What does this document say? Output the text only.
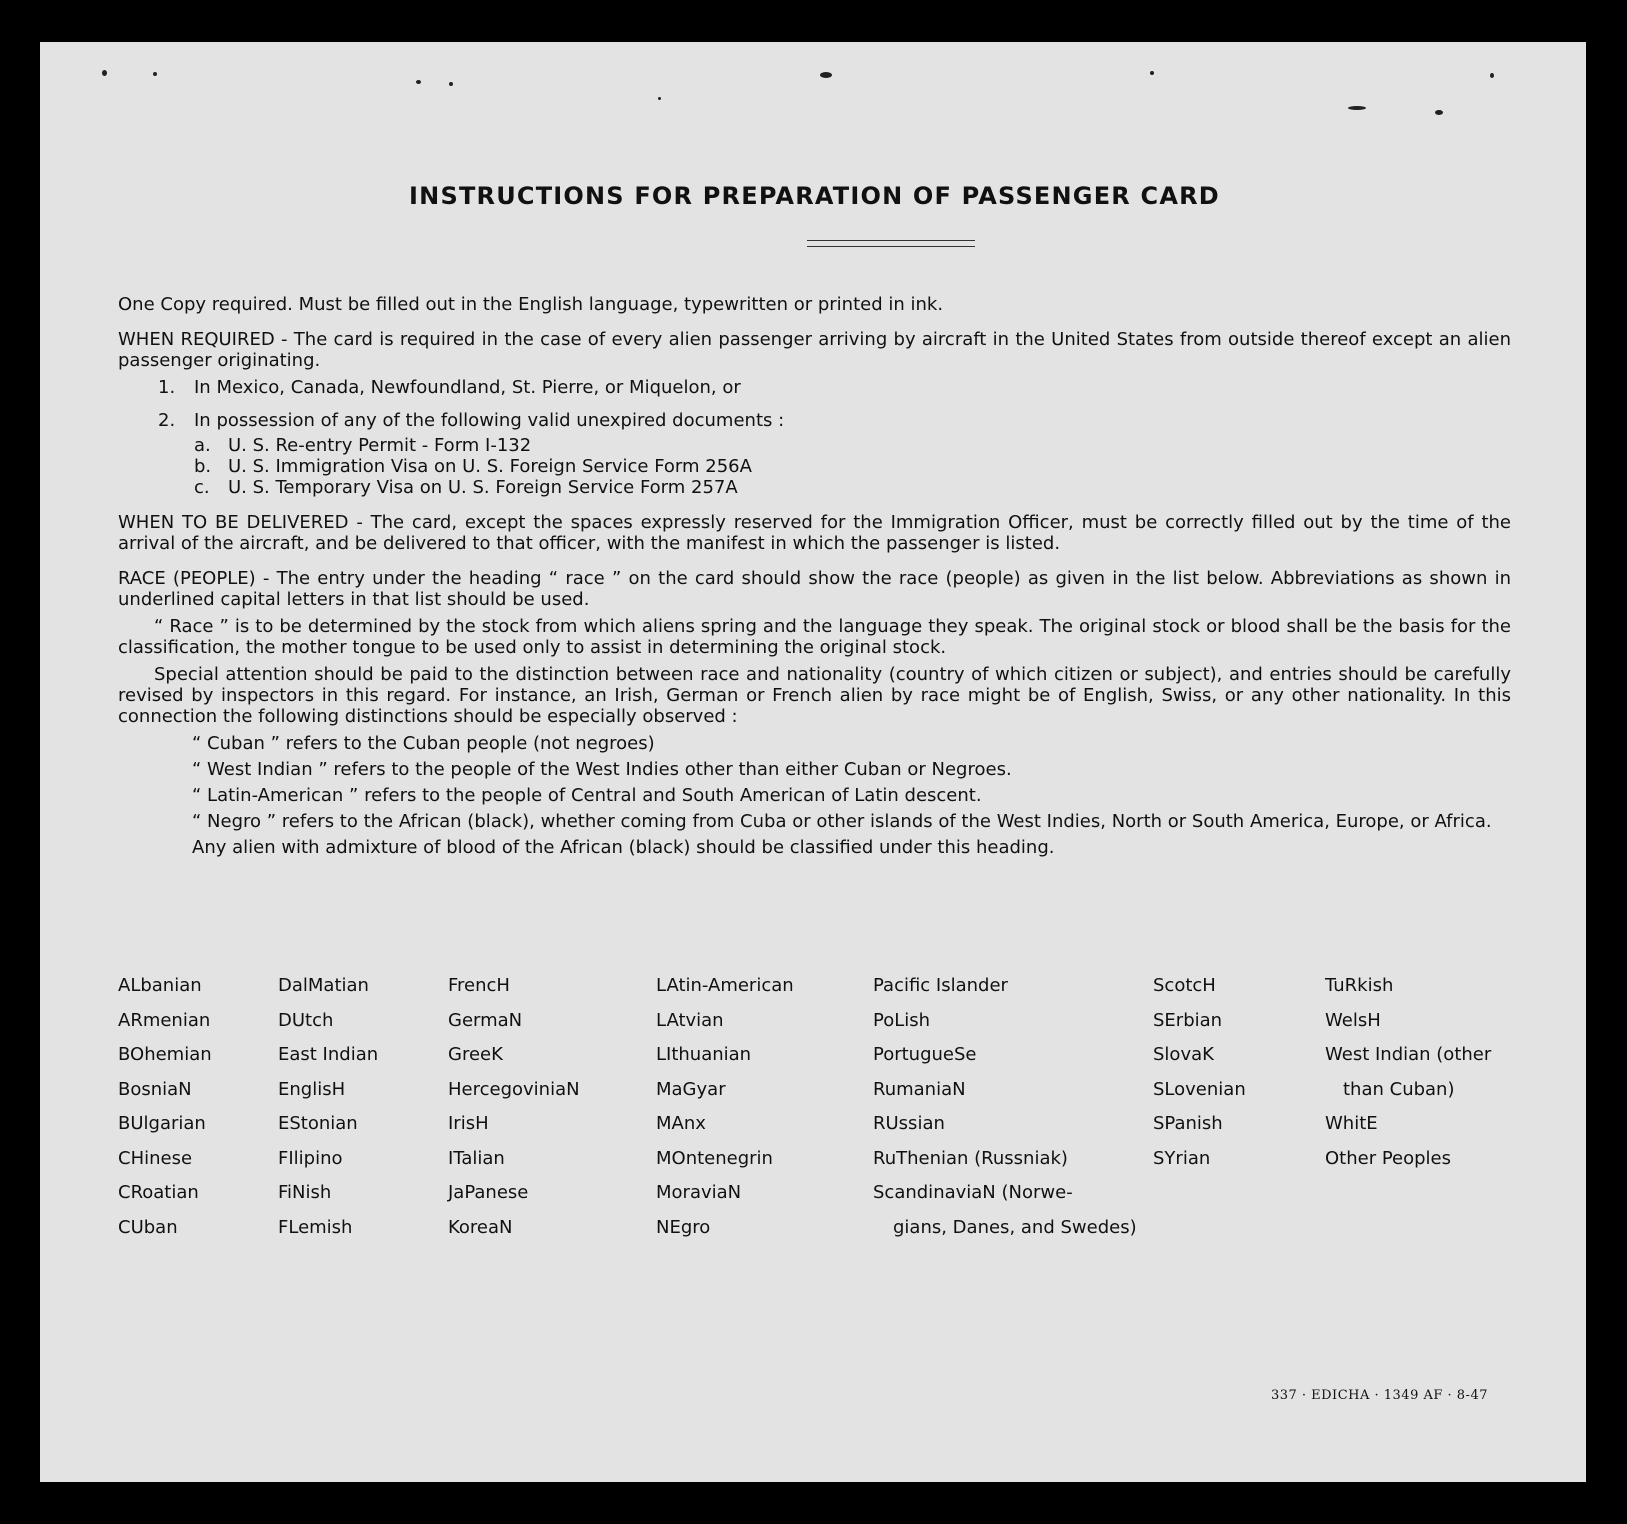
INSTRUCTIONS FOR PREPARATION OF PASSENGER CARD

One Copy required. Must be filled out in the English language, typewritten or printed in ink.

WHEN REQUIRED - The card is required in the case of every alien passenger arriving by aircraft in the United States from outside thereof except an alien passenger originating.

1. In Mexico, Canada, Newfoundland, St. Pierre, or Miquelon, or
2. In possession of any of the following valid unexpired documents :
a. U. S. Re-entry Permit - Form I-132
b. U. S. Immigration Visa on U. S. Foreign Service Form 256A
c. U. S. Temporary Visa on U. S. Foreign Service Form 257A

WHEN TO BE DELIVERED - The card, except the spaces expressly reserved for the Immigration Officer, must be correctly filled out by the time of the arrival of the aircraft, and be delivered to that officer, with the manifest in which the passenger is listed.

RACE (PEOPLE) - The entry under the heading “ race ” on the card should show the race (people) as given in the list below. Abbreviations as shown in underlined capital letters in that list should be used.

“ Race ” is to be determined by the stock from which aliens spring and the language they speak. The original stock or blood shall be the basis for the classification, the mother tongue to be used only to assist in determining the original stock.

Special attention should be paid to the distinction between race and nationality (country of which citizen or subject), and entries should be carefully revised by inspectors in this regard. For instance, an Irish, German or French alien by race might be of English, Swiss, or any other nationality. In this connection the following distinctions should be especially observed :

“ Cuban ” refers to the Cuban people (not negroes)
“ West Indian ” refers to the people of the West Indies other than either Cuban or Negroes.
“ Latin-American ” refers to the people of Central and South American of Latin descent.
“ Negro ” refers to the African (black), whether coming from Cuba or other islands of the West Indies, North or South America, Europe, or Africa.
Any alien with admixture of blood of the African (black) should be classified under this heading.
ALbanian
ARmenian
BOhemian
BosniaN
BUlgarian
CHinese
CRoatian
CUban
DalMatian
DUtch
East Indian
EnglisH
EStonian
FIlipino
FiNish
FLemish
FrencH
GermaN
GreeK
HercegoviniaN
IrisH
ITalian
JaPanese
KoreaN
LAtin-American
LAtvian
LIthuanian
MaGyar
MAnx
MOntenegrin
MoraviaN
NEgro
Pacific Islander
PoLish
PortugueSe
RumaniaN
RUssian
RuThenian (Russniak)
ScandinaviaN (Norwe-
gians, Danes, and Swedes)
ScotcH
SErbian
SlovaK
SLovenian
SPanish
SYrian
TuRkish
WelsH
West Indian (other
than Cuban)
WhitE
Other Peoples
337 · EDICHA · 1349 AF · 8-47
